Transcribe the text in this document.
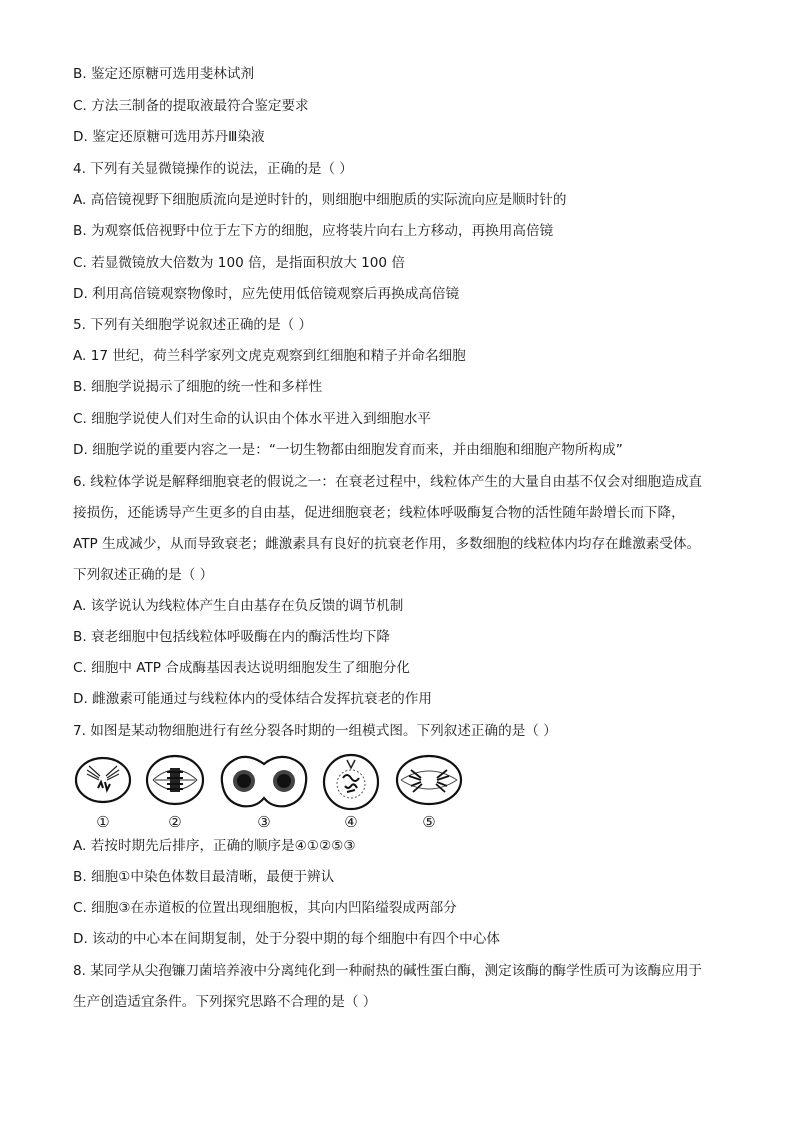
B. 鉴定还原糖可选用斐林试剂
C. 方法三制备的提取液最符合鉴定要求
D. 鉴定还原糖可选用苏丹Ⅲ染液
4. 下列有关显微镜操作的说法，正确的是（ ）
A. 高倍镜视野下细胞质流向是逆时针的，则细胞中细胞质的实际流向应是顺时针的
B. 为观察低倍视野中位于左下方的细胞，应将装片向右上方移动，再换用高倍镜
C. 若显微镜放大倍数为 100 倍，是指面积放大 100 倍
D. 利用高倍镜观察物像时，应先使用低倍镜观察后再换成高倍镜
5. 下列有关细胞学说叙述正确的是（ ）
A. 17 世纪，荷兰科学家列文虎克观察到红细胞和精子并命名细胞
B. 细胞学说揭示了细胞的统一性和多样性
C. 细胞学说使人们对生命的认识由个体水平进入到细胞水平
D. 细胞学说的重要内容之一是：“一切生物都由细胞发育而来，并由细胞和细胞产物所构成”
6. 线粒体学说是解释细胞衰老的假说之一：在衰老过程中，线粒体产生的大量自由基不仅会对细胞造成直
接损伤，还能诱导产生更多的自由基，促进细胞衰老；线粒体呼吸酶复合物的活性随年龄增长而下降，
ATP 生成减少，从而导致衰老；雌激素具有良好的抗衰老作用，多数细胞的线粒体内均存在雌激素受体。
下列叙述正确的是（ ）
A. 该学说认为线粒体产生自由基存在负反馈的调节机制
B. 衰老细胞中包括线粒体呼吸酶在内的酶活性均下降
C. 细胞中 ATP 合成酶基因表达说明细胞发生了细胞分化
D. 雌激素可能通过与线粒体内的受体结合发挥抗衰老的作用
7. 如图是某动物细胞进行有丝分裂各时期的一组模式图。下列叙述正确的是（ ）
①	②	③	④	⑤
A. 若按时期先后排序，正确的顺序是④①②⑤③
B. 细胞①中染色体数目最清晰，最便于辨认
C. 细胞③在赤道板的位置出现细胞板，其向内凹陷缢裂成两部分
D. 该动的中心本在间期复制，处于分裂中期的每个细胞中有四个中心体
8. 某同学从尖孢镰刀菌培养液中分离纯化到一种耐热的碱性蛋白酶，测定该酶的酶学性质可为该酶应用于
生产创造适宜条件。下列探究思路不合理的是（ ）
